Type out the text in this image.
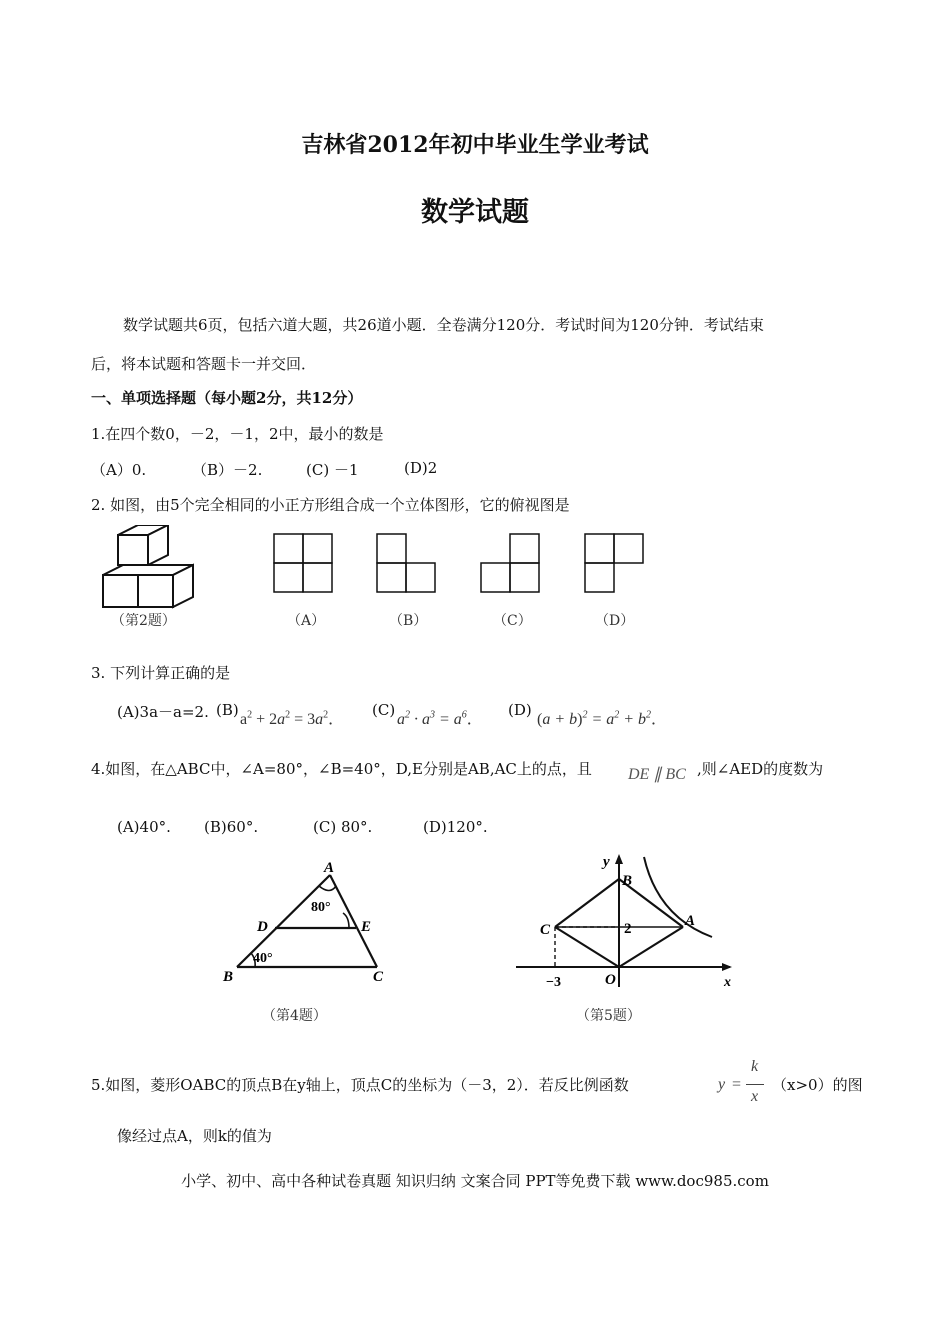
吉林省2012年初中毕业生学业考试
数学试题
数学试题共6页，包括六道大题，共26道小题．全卷满分120分．考试时间为120分钟．考试结束
后，将本试题和答题卡一并交回．
一、单项选择题（每小题2分，共12分）
1.在四个数0，－2，－1，2中，最小的数是
（A）0.	（B）－2.	(C) －1	(D)2
2. 如图，由5个完全相同的小正方形组合成一个立体图形，它的俯视图是
（第2题）	（A）	（B）	（C）	（D）
3. 下列计算正确的是
(A)3a－a=2. (B)
$a^2 + 2a^2 = 3a^2$．
(C)
$a^2 \cdot a^3 = a^6$．
(D)
$(a + b)^2 = a^2 + b^2$．
4.如图，在△ABC中，∠A=80°，∠B=40°，D,E分别是AB,AC上的点，且 DE ∥ BC ,则∠AED的度数为
(A)40°. (B)60°.	(C) 80°.	(D)120°.
A
80°
D	E
40°
B	C
（第4题）
y
B
C	2	A
−3	O	x
（第5题）
5.如图，菱形OABC的顶点B在y轴上，顶点C的坐标为（－3，2）．若反比例函数	y =
k
x
（x>0）的图
像经过点A，则k的值为
小学、初中、高中各种试卷真题 知识归纳 文案合同 PPT等免费下载 www.doc985.com
